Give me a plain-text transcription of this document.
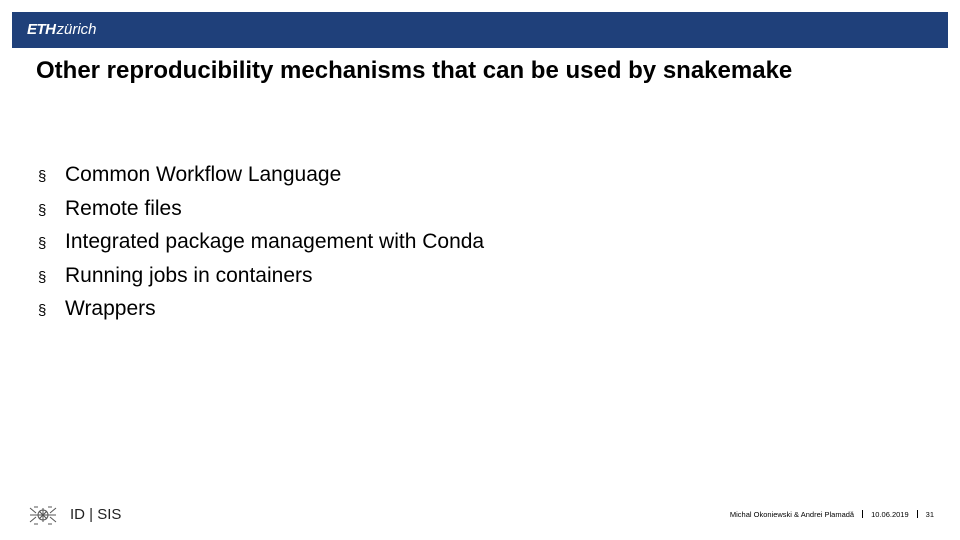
ETHzürich
Other reproducibility mechanisms that can be used by snakemake
§ Common Workflow Language
§ Remote files
§ Integrated package management with Conda
§ Running jobs in containers
§ Wrappers
ID | SIS	Michal Okoniewski & Andrei Plamadă 10.06.2019 31
